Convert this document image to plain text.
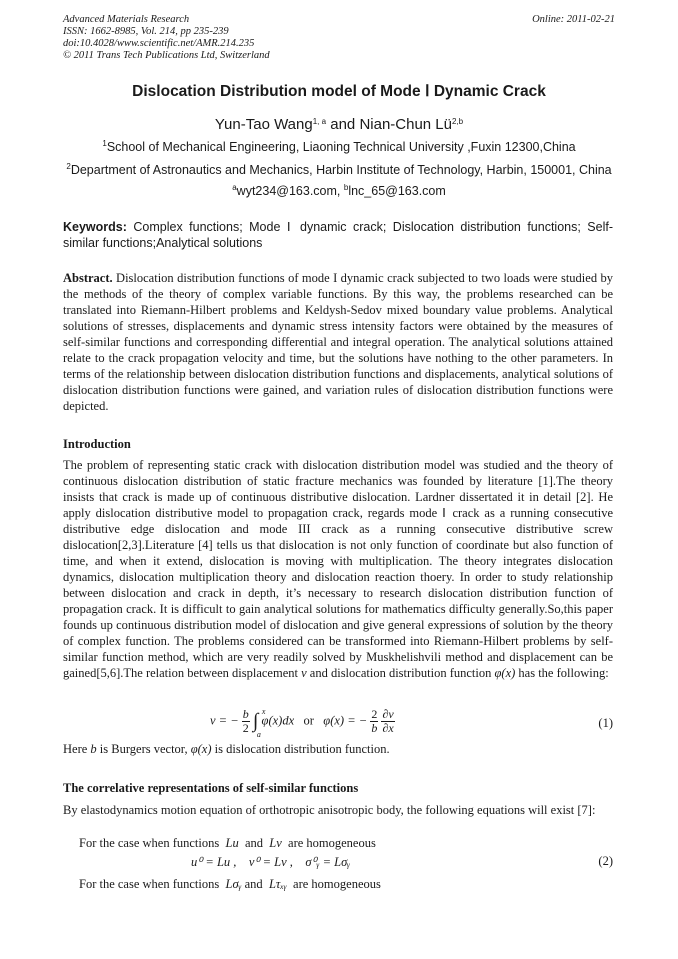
Advanced Materials Research
ISSN: 1662-8985, Vol. 214, pp 235-239
doi:10.4028/www.scientific.net/AMR.214.235
© 2011 Trans Tech Publications Ltd, Switzerland
Online: 2011-02-21
Dislocation Distribution model of Mode Ⅰ Dynamic Crack
Yun-Tao Wang$^{1, a}$ and Nian-Chun Lü$^{2,b}$
$^1$School of Mechanical Engineering, Liaoning Technical University ,Fuxin 12300,China
$^2$Department of Astronautics and Mechanics, Harbin Institute of Technology, Harbin, 150001, China
$^a$wyt234@163.com, $^b$lnc_65@163.com
Keywords: Complex functions; Mode Ⅰ dynamic crack; Dislocation distribution functions; Self-similar functions;Analytical solutions
Abstract. Dislocation distribution functions of mode I dynamic crack subjected to two loads were studied by the methods of the theory of complex variable functions. By this way, the problems researched can be translated into Riemann-Hilbert problems and Keldysh-Sedov mixed boundary value problems. Analytical solutions of stresses, displacements and dynamic stress intensity factors were obtained by the measures of self-similar functions and corresponding differential and integral operation. The analytical solutions attained relate to the crack propagation velocity and time, but the solutions have nothing to the other parameters. In terms of the relationship between dislocation distribution functions and displacements, analytical solutions of dislocation distribution functions were gained, and variation rules of dislocation distribution functions were depicted.
Introduction
The problem of representing static crack with dislocation distribution model was studied and the theory of continuous dislocation distribution of static fracture mechanics was founded by literature [1].The theory insists that crack is made up of continuous distributive dislocation. Lardner dissertated it in detail [2]. He apply dislocation distributive model to propagation crack, regards mode Ⅰ crack as a running consecutive distributive edge dislocation and mode III crack as a running consecutive distributive screw dislocation[2,3].Literature [4] tells us that dislocation is not only function of coordinate but also function of time, and when it extend, dislocation is moving with multiplication. The theory integrates dislocation dynamics, dislocation multiplication theory and dislocation reaction thoery. In order to study relationship between dislocation and crack in depth, it’s necessary to research dislocation distribution function of propagation crack. It is difficult to gain analytical solutions for mathematics difficulty generally.So,this paper founds up continuous distribution model of dislocation and give general expressions of solution by the theory of complex function. The problems considered can be transformed into Riemann-Hilbert problems by self-similar function method, which are very readily solved by Muskhelishvili method and displacement can be gained[5,6].The relation between displacement v and dislocation distribution function φ(x) has the following:
v = − $\frac{b}{2}$ ∫ x
a
φ(x)dx   or   φ(x) = − $\frac{2}{b}$
$\frac{\partial v}{\partial x}$	(1)
Here b is Burgers vector, φ(x) is dislocation distribution function.
The correlative representations of self-similar functions
By elastodynamics motion equation of orthotropic anisotropic body, the following equations will exist [7]:
For the case when functions  Lu  and  Lv  are homogeneous
u⁰ = Lu ,    v⁰ = Lv ,    σ⁰ᵧ = Lσᵧ	(2)
For the case when functions  Lσᵧ and  Lτₓᵧ  are homogeneous
